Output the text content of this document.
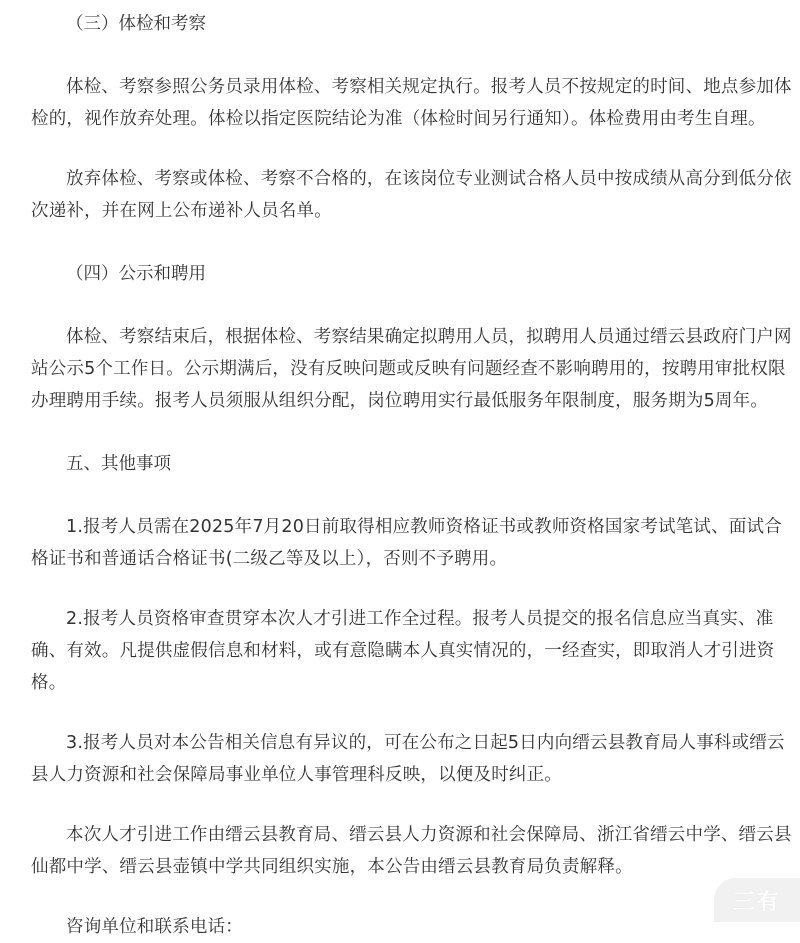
（三）体检和考察

体检、考察参照公务员录用体检、考察相关规定执行。报考人员不按规定的时间、地点参加体检的，视作放弃处理。体检以指定医院结论为准（体检时间另行通知）。体检费用由考生自理。

放弃体检、考察或体检、考察不合格的，在该岗位专业测试合格人员中按成绩从高分到低分依次递补，并在网上公布递补人员名单。

（四）公示和聘用

体检、考察结束后，根据体检、考察结果确定拟聘用人员，拟聘用人员通过缙云县政府门户网站公示5个工作日。公示期满后，没有反映问题或反映有问题经查不影响聘用的，按聘用审批权限办理聘用手续。报考人员须服从组织分配，岗位聘用实行最低服务年限制度，服务期为5周年。

五、其他事项

1.报考人员需在2025年7月20日前取得相应教师资格证书或教师资格国家考试笔试、面试合格证书和普通话合格证书(二级乙等及以上），否则不予聘用。

2.报考人员资格审查贯穿本次人才引进工作全过程。报考人员提交的报名信息应当真实、准确、有效。凡提供虚假信息和材料，或有意隐瞒本人真实情况的，一经查实，即取消人才引进资格。

3.报考人员对本公告相关信息有异议的，可在公布之日起5日内向缙云县教育局人事科或缙云县人力资源和社会保障局事业单位人事管理科反映，以便及时纠正。

本次人才引进工作由缙云县教育局、缙云县人力资源和社会保障局、浙江省缙云中学、缙云县仙都中学、缙云县壶镇中学共同组织实施，本公告由缙云县教育局负责解释。

咨询单位和联系电话：

三有
